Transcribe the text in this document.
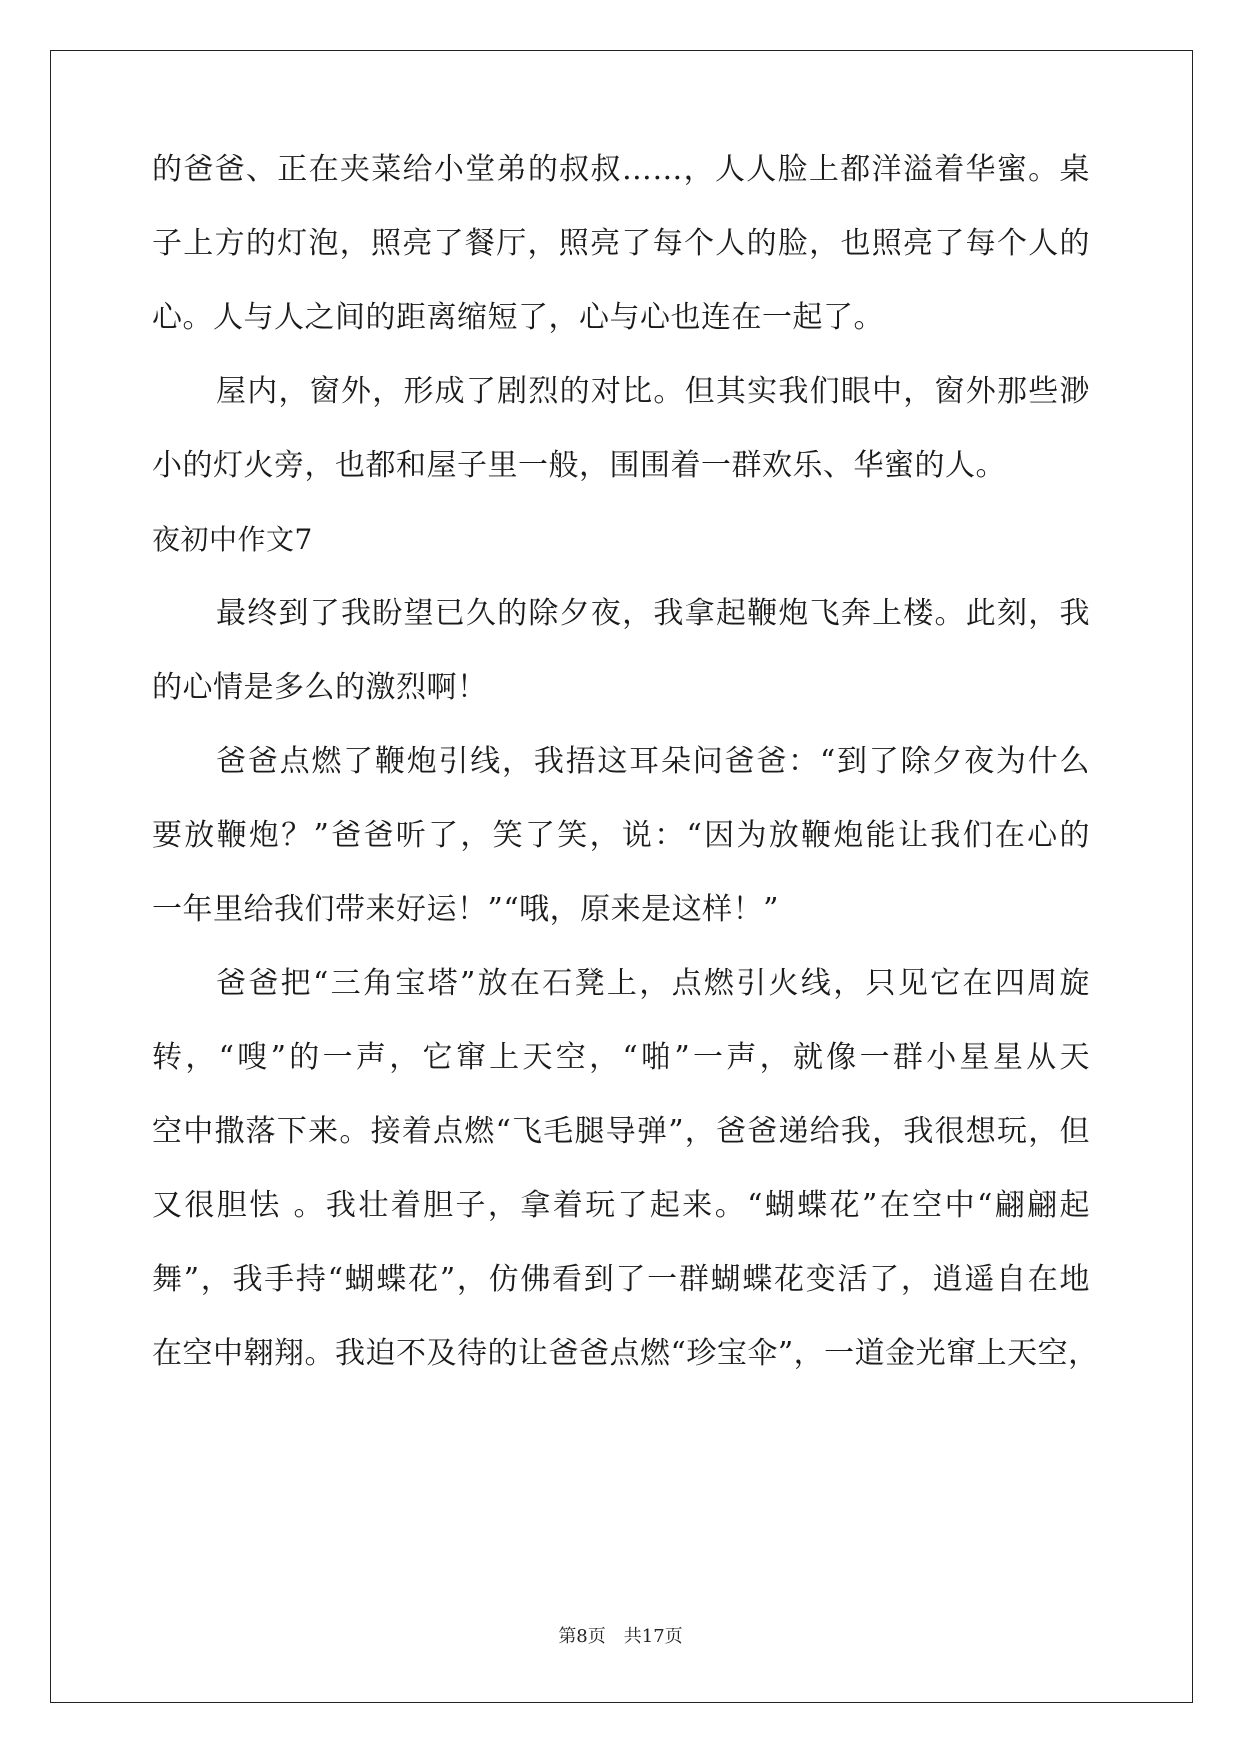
的爸爸、正在夹菜给小堂弟的叔叔……，人人脸上都洋溢着华蜜。桌
子上方的灯泡，照亮了餐厅，照亮了每个人的脸，也照亮了每个人的
心。人与人之间的距离缩短了，心与心也连在一起了。
屋内，窗外，形成了剧烈的对比。但其实我们眼中，窗外那些渺
小的灯火旁，也都和屋子里一般，围围着一群欢乐、华蜜的人。
夜初中作文7
最终到了我盼望已久的除夕夜，我拿起鞭炮飞奔上楼。此刻，我
的心情是多么的激烈啊！
爸爸点燃了鞭炮引线，我捂这耳朵问爸爸：“到了除夕夜为什么
要放鞭炮？”爸爸听了，笑了笑，说：“因为放鞭炮能让我们在心的
一年里给我们带来好运！”“哦，原来是这样！”
爸爸把“三角宝塔”放在石凳上，点燃引火线，只见它在四周旋
转，“嗖”的一声，它窜上天空，“啪”一声，就像一群小星星从天
空中撒落下来。接着点燃“飞毛腿导弹”，爸爸递给我，我很想玩，但
又很胆怯 。我壮着胆子，拿着玩了起来。“蝴蝶花”在空中“翩翩起
舞”，我手持“蝴蝶花”，仿佛看到了一群蝴蝶花变活了，逍遥自在地
在空中翱翔。我迫不及待的让爸爸点燃“珍宝伞”，一道金光窜上天空，
第8页　共17页
